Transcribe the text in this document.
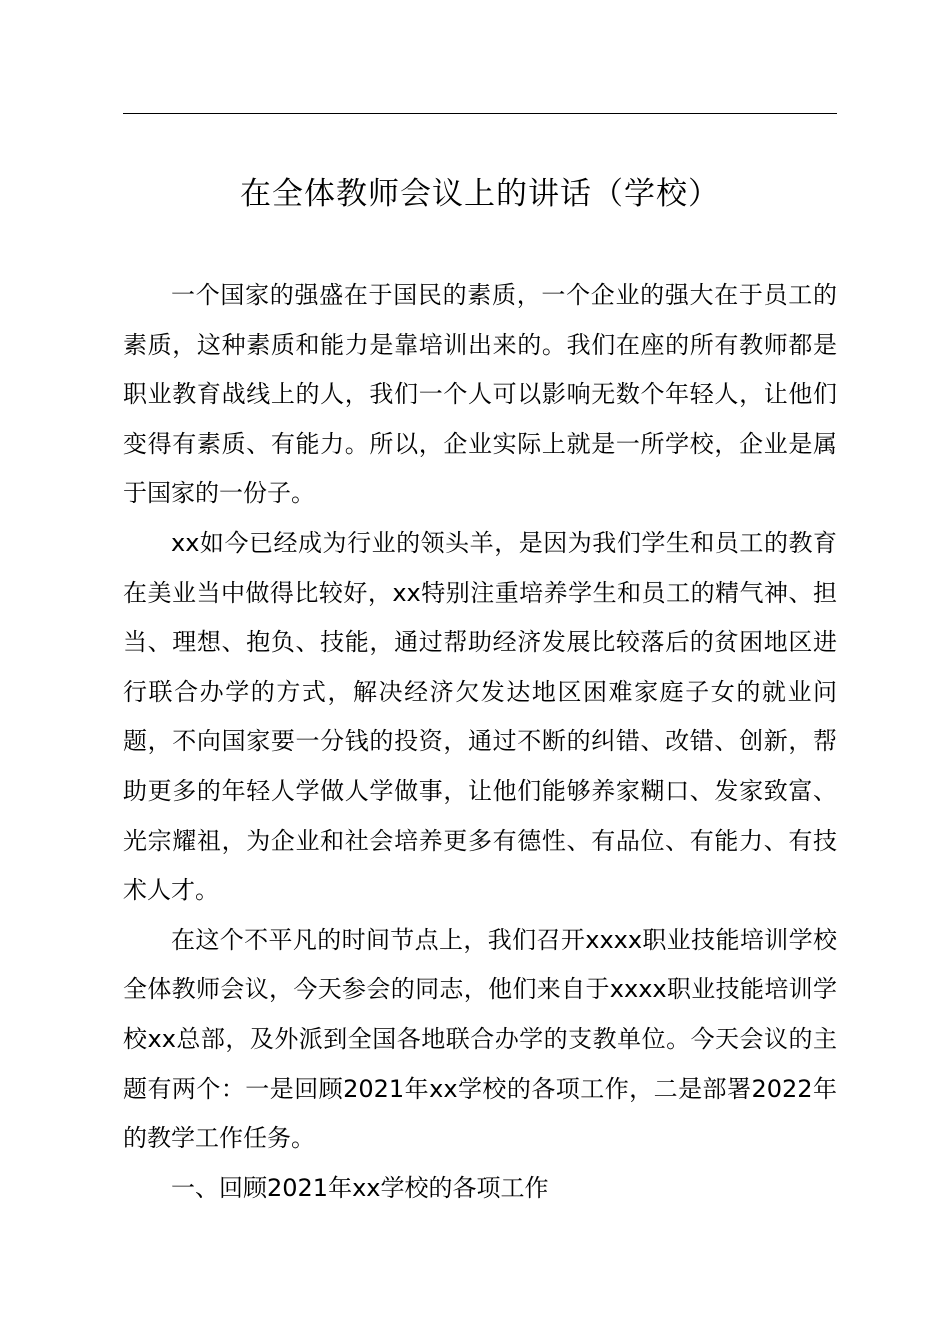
在全体教师会议上的讲话（学校）

一个国家的强盛在于国民的素质，一个企业的强大在于员工的素质，这种素质和能力是靠培训出来的。我们在座的所有教师都是职业教育战线上的人，我们一个人可以影响无数个年轻人，让他们变得有素质、有能力。所以，企业实际上就是一所学校，企业是属于国家的一份子。

xx如今已经成为行业的领头羊，是因为我们学生和员工的教育在美业当中做得比较好，xx特别注重培养学生和员工的精气神、担当、理想、抱负、技能，通过帮助经济发展比较落后的贫困地区进行联合办学的方式，解决经济欠发达地区困难家庭子女的就业问题，不向国家要一分钱的投资，通过不断的纠错、改错、创新，帮助更多的年轻人学做人学做事，让他们能够养家糊口、发家致富、光宗耀祖，为企业和社会培养更多有德性、有品位、有能力、有技术人才。

在这个不平凡的时间节点上，我们召开xxxx职业技能培训学校全体教师会议，今天参会的同志，他们来自于xxxx职业技能培训学校xx总部，及外派到全国各地联合办学的支教单位。今天会议的主题有两个：一是回顾2021年xx学校的各项工作，二是部署2022年的教学工作任务。

一、回顾2021年xx学校的各项工作
